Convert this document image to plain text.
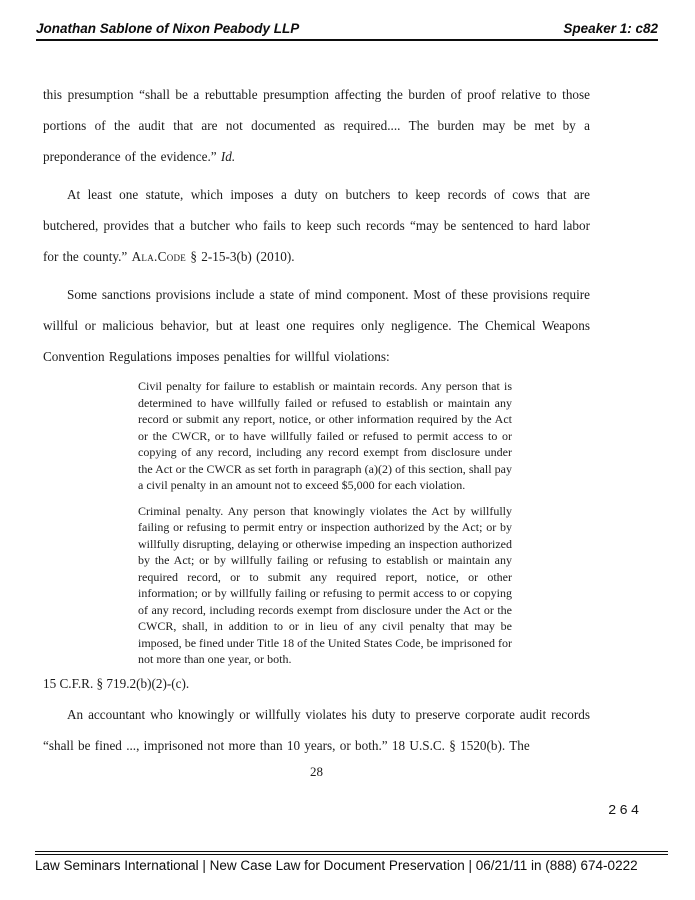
Jonathan Sablone of Nixon Peabody LLP	Speaker 1: c82

this presumption “shall be a rebuttable presumption affecting the burden of proof relative to those portions of the audit that are not documented as required.... The burden may be met by a preponderance of the evidence.” Id.

At least one statute, which imposes a duty on butchers to keep records of cows that are butchered, provides that a butcher who fails to keep such records “may be sentenced to hard labor for the county.” Ala.Code § 2-15-3(b) (2010).

Some sanctions provisions include a state of mind component. Most of these provisions require willful or malicious behavior, but at least one requires only negligence. The Chemical Weapons Convention Regulations imposes penalties for willful violations:

Civil penalty for failure to establish or maintain records. Any person that is determined to have willfully failed or refused to establish or maintain any record or submit any report, notice, or other information required by the Act or the CWCR, or to have willfully failed or refused to permit access to or copying of any record, including any record exempt from disclosure under the Act or the CWCR as set forth in paragraph (a)(2) of this section, shall pay a civil penalty in an amount not to exceed $5,000 for each violation.
Criminal penalty. Any person that knowingly violates the Act by willfully failing or refusing to permit entry or inspection authorized by the Act; or by willfully disrupting, delaying or otherwise impeding an inspection authorized by the Act; or by willfully failing or refusing to establish or maintain any required record, or to submit any required report, notice, or other information; or by willfully failing or refusing to permit access to or copying of any record, including records exempt from disclosure under the Act or the CWCR, shall, in addition to or in lieu of any civil penalty that may be imposed, be fined under Title 18 of the United States Code, be imprisoned for not more than one year, or both.

15 C.F.R. § 719.2(b)(2)-(c).

An accountant who knowingly or willfully violates his duty to preserve corporate audit records “shall be fined ..., imprisoned not more than 10 years, or both.” 18 U.S.C. § 1520(b). The

28
264
Law Seminars International | New Case Law for Document Preservation | 06/21/11 in (888) 674-0222
